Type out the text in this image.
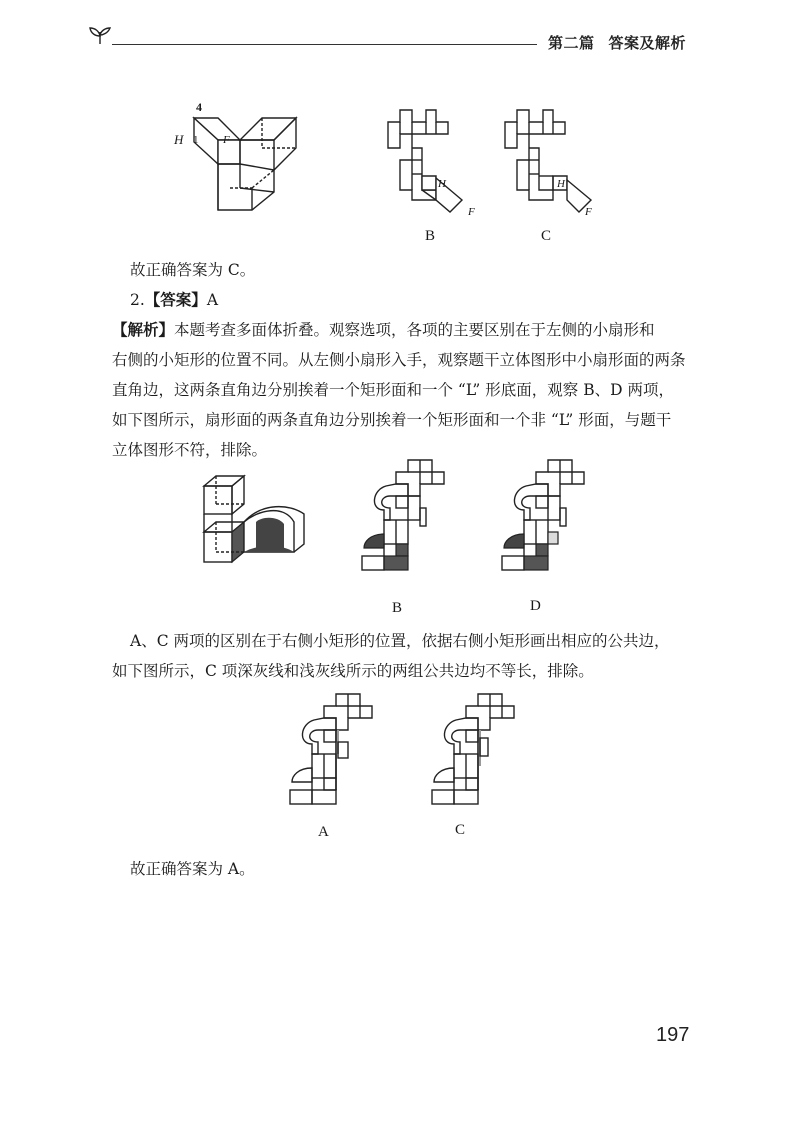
第二篇 答案及解析
4
H 1 F
H
F
B
H
F
C
故正确答案为 C。
2.【答案】A
【解析】本题考查多面体折叠。观察选项，各项的主要区别在于左侧的小扇形和
右侧的小矩形的位置不同。从左侧小扇形入手，观察题干立体图形中小扇形面的两条
直角边，这两条直角边分别挨着一个矩形面和一个 “L” 形底面，观察 B、D 两项，
如下图所示，扇形面的两条直角边分别挨着一个矩形面和一个非 “L” 形面，与题干
立体图形不符，排除。
B	D
A、C 两项的区别在于右侧小矩形的位置，依据右侧小矩形画出相应的公共边，
如下图所示，C 项深灰线和浅灰线所示的两组公共边均不等长，排除。
A	C
故正确答案为 A。
197
